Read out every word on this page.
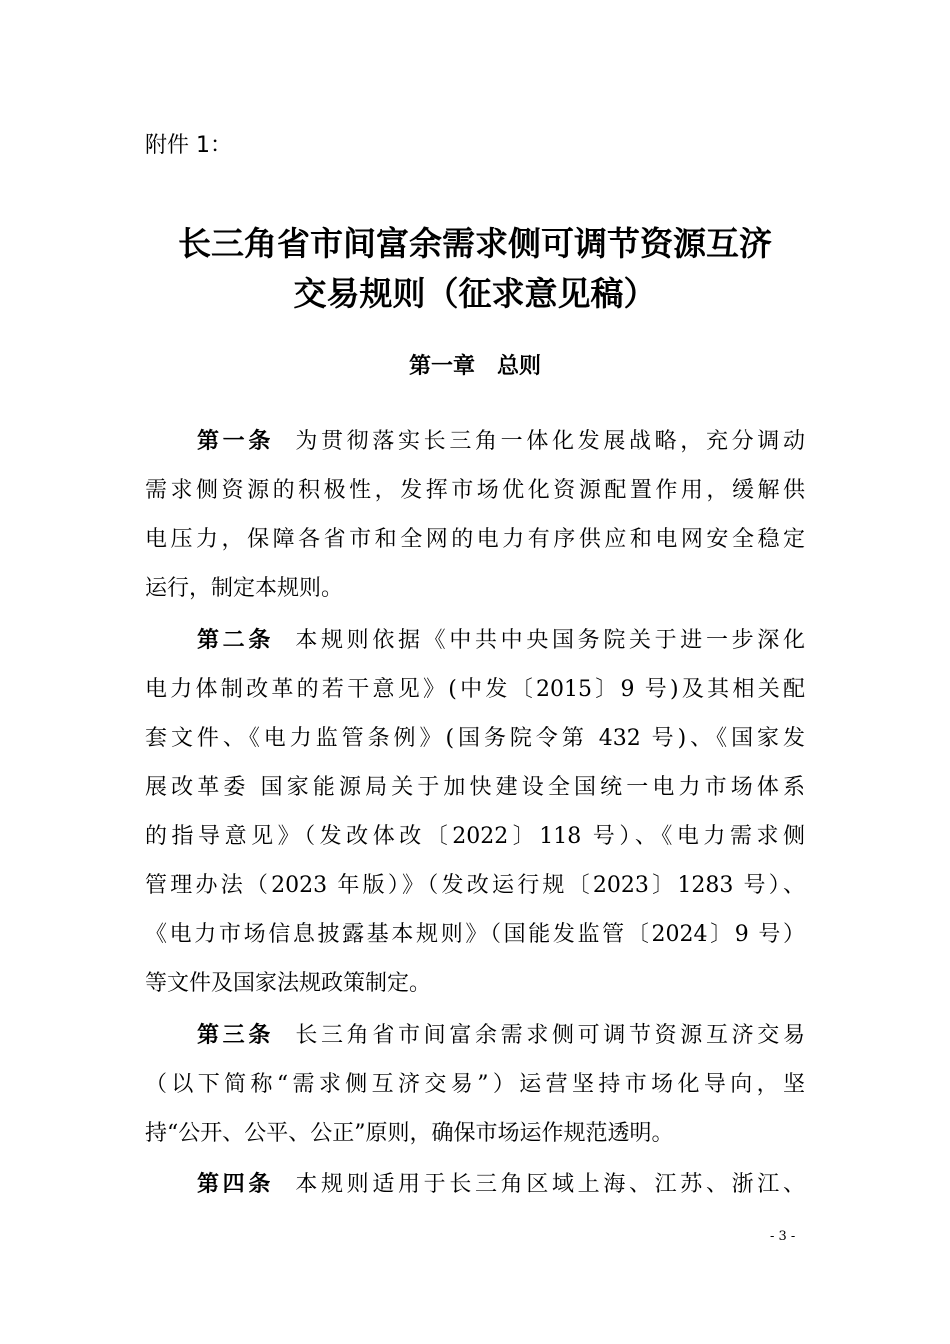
附件 1：
长三角省市间富余需求侧可调节资源互济
交易规则（征求意见稿）
第一章　总则
第一条 为贯彻落实长三角一体化发展战略，充分调动
需求侧资源的积极性，发挥市场优化资源配置作用，缓解供
电压力，保障各省市和全网的电力有序供应和电网安全稳定
运行，制定本规则。
第二条 本规则依据《中共中央国务院关于进一步深化
电力体制改革的若干意见》(中发〔2015〕9 号)及其相关配
套文件、《电力监管条例》(国务院令第 432 号)、《国家发
展改革委 国家能源局关于加快建设全国统一电力市场体系
的指导意见》（发改体改〔2022〕118 号）、《电力需求侧
管理办法（2023 年版）》（发改运行规〔2023〕1283 号）、
《电力市场信息披露基本规则》（国能发监管〔2024〕9 号）
等文件及国家法规政策制定。
第三条 长三角省市间富余需求侧可调节资源互济交易
（以下简称“需求侧互济交易”）运营坚持市场化导向，坚
持“公开、公平、公正”原则，确保市场运作规范透明。
第四条 本规则适用于长三角区域上海、江苏、浙江、
- 3 -
